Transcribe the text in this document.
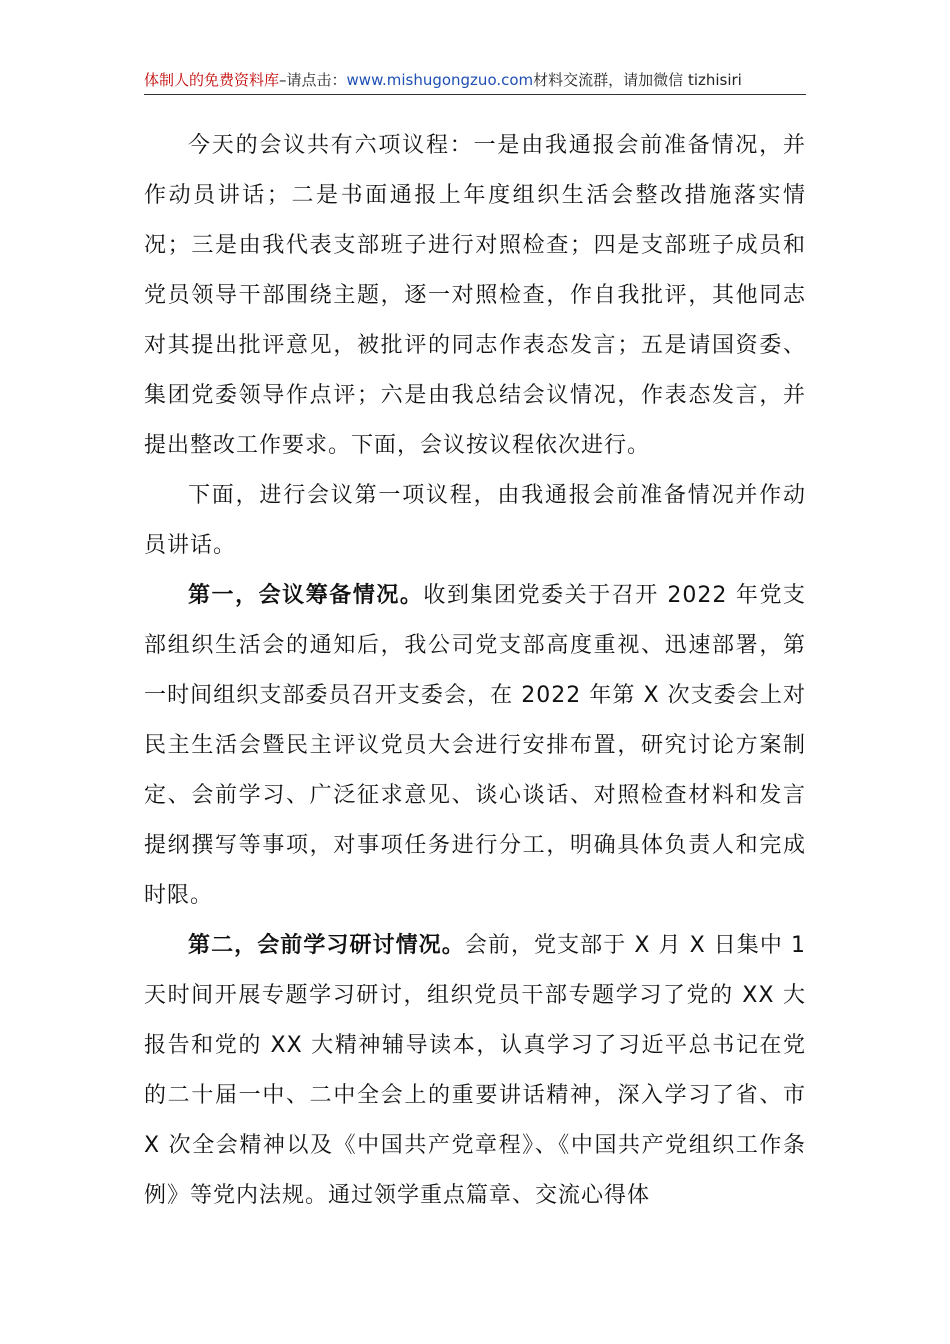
体制人的免费资料库–请点击：www.mishugongzuo.com材料交流群，请加微信 tizhisiri

今天的会议共有六项议程：一是由我通报会前准备情况，并作动员讲话；二是书面通报上年度组织生活会整改措施落实情况；三是由我代表支部班子进行对照检查；四是支部班子成员和党员领导干部围绕主题，逐一对照检查，作自我批评，其他同志对其提出批评意见，被批评的同志作表态发言；五是请国资委、集团党委领导作点评；六是由我总结会议情况，作表态发言，并提出整改工作要求。下面，会议按议程依次进行。

下面，进行会议第一项议程，由我通报会前准备情况并作动员讲话。

第一，会议筹备情况。收到集团党委关于召开 2022 年党支部组织生活会的通知后，我公司党支部高度重视、迅速部署，第一时间组织支部委员召开支委会，在 2022 年第 X 次支委会上对民主生活会暨民主评议党员大会进行安排布置，研究讨论方案制定、会前学习、广泛征求意见、谈心谈话、对照检查材料和发言提纲撰写等事项，对事项任务进行分工，明确具体负责人和完成时限。

第二，会前学习研讨情况。会前，党支部于 X 月 X 日集中 1 天时间开展专题学习研讨，组织党员干部专题学习了党的 XX 大报告和党的 XX 大精神辅导读本，认真学习了习近平总书记在党的二十届一中、二中全会上的重要讲话精神，深入学习了省、市 X 次全会精神以及《中国共产党章程》、《中国共产党组织工作条例》等党内法规。通过领学重点篇章、交流心得体
